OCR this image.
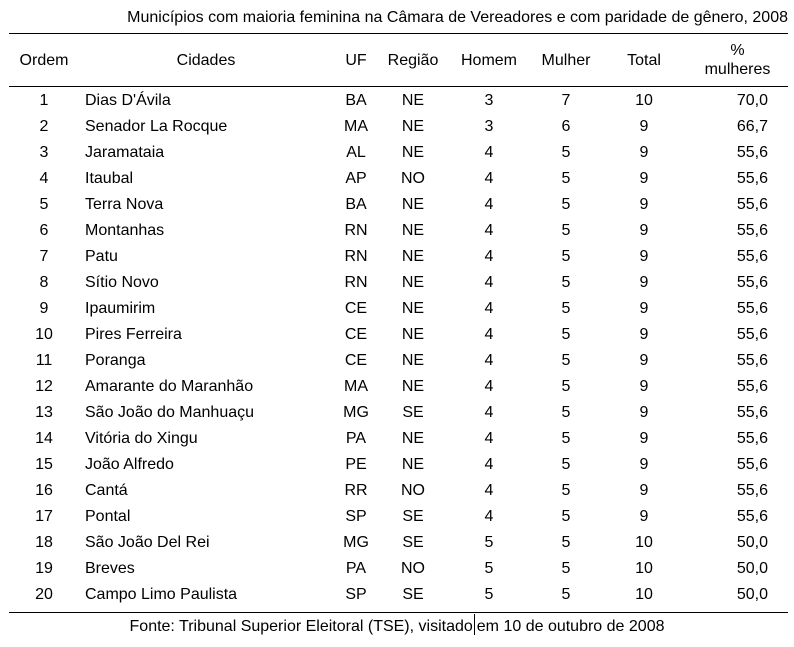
Municípios com maioria feminina na Câmara de Vereadores e com paridade de gênero, 2008
Ordem	Cidades	UF	Região	Homem	Mulher	Total	%
mulheres

1	Dias D'Ávila	BA	NE	3	7	10	70,0
2	Senador La Rocque	MA	NE	3	6	9	66,7
3	Jaramataia	AL	NE	4	5	9	55,6
4	Itaubal	AP	NO	4	5	9	55,6
5	Terra Nova	BA	NE	4	5	9	55,6
6	Montanhas	RN	NE	4	5	9	55,6
7	Patu	RN	NE	4	5	9	55,6
8	Sítio Novo	RN	NE	4	5	9	55,6
9	Ipaumirim	CE	NE	4	5	9	55,6
10	Pires Ferreira	CE	NE	4	5	9	55,6
11	Poranga	CE	NE	4	5	9	55,6
12	Amarante do Maranhão	MA	NE	4	5	9	55,6
13	São João do Manhuaçu	MG	SE	4	5	9	55,6
14	Vitória do Xingu	PA	NE	4	5	9	55,6
15	João Alfredo	PE	NE	4	5	9	55,6
16	Cantá	RR	NO	4	5	9	55,6
17	Pontal	SP	SE	4	5	9	55,6
18	São João Del Rei	MG	SE	5	5	10	50,0
19	Breves	PA	NO	5	5	10	50,0
20	Campo Limo Paulista	SP	SE	5	5	10	50,0
Fonte: Tribunal Superior Eleitoral (TSE), visitado em 10 de outubro de 2008
